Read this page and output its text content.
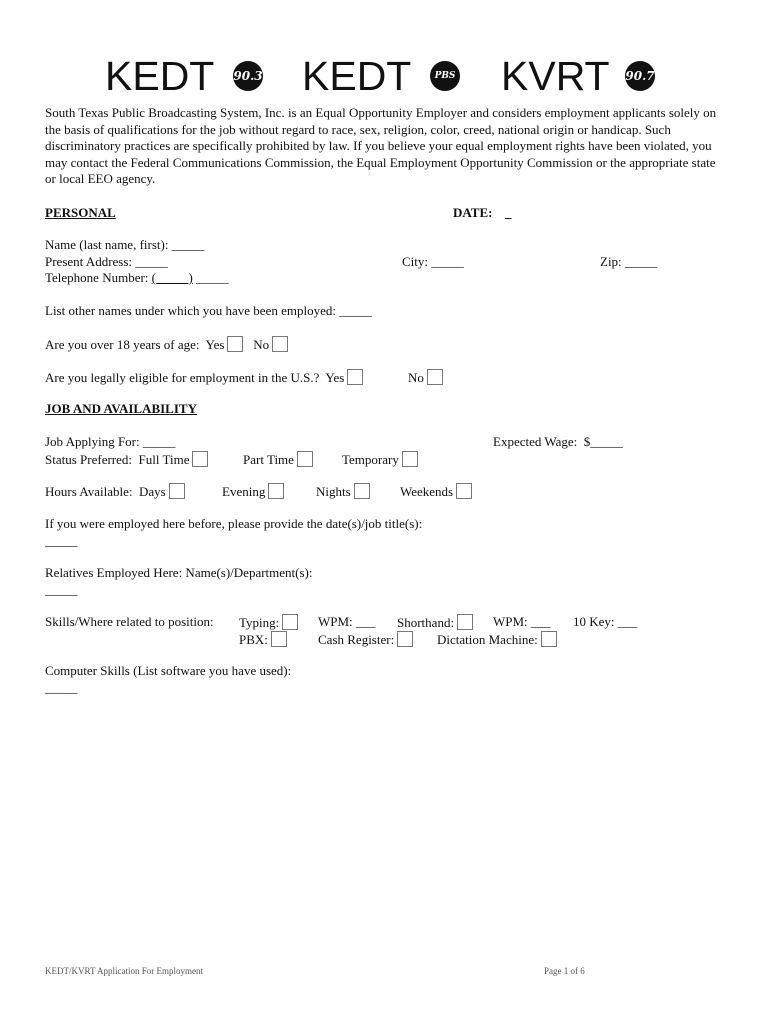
KEDT 90.3 KEDT	PBS KVRT 90.7

South Texas Public Broadcasting System, Inc. is an Equal Opportunity Employer and considers employment applicants solely on the basis of qualifications for the job without regard to race, sex, religion, color, creed, national origin or handicap. Such discriminatory practices are specifically prohibited by law. If you believe your equal employment rights have been violated, you may contact the Federal Communications Commission, the Equal Employment Opportunity Commission or the appropriate state or local EEO agency.

PERSONAL	DATE: _
Name (last name, first): _____
Present Address: _____	City: _____	Zip: _____
Telephone Number: (_____) _____
List other names under which you have been employed: _____
Are you over 18 years of age: Yes No
Are you legally eligible for employment in the U.S.? Yes	No
JOB AND AVAILABILITY
Job Applying For: _____	Expected Wage: $_____
Status Preferred: Full Time	Part Time	Temporary
Hours Available: Days	Evening	Nights	Weekends
If you were employed here before, please provide the date(s)/job title(s):
_____
Relatives Employed Here: Name(s)/Department(s):
_____
Skills/Where related to position: Typing:	WPM: ___ Shorthand:	WPM: ___ 10 Key: ___
PBX:	Cash Register:	Dictation Machine:
Computer Skills (List software you have used):
_____
KEDT/KVRT Application For Employment	Page 1 of 6
